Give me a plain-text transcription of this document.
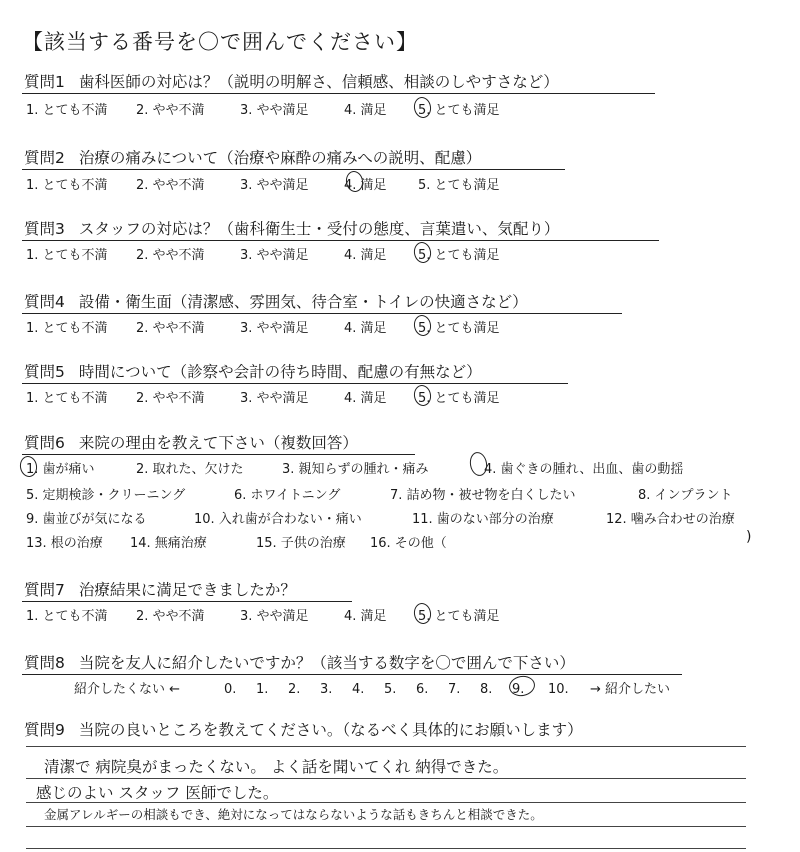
【該当する番号を〇で囲んでください】
質問1 歯科医師の対応は？（説明の明解さ、信頼感、相談のしやすさなど）
1. とても不満 2. やや不満	3. やや満足	4. 満足 5. とても満足
質問2 治療の痛みについて（治療や麻酔の痛みへの説明、配慮）
1. とても不満 2. やや不満	3. やや満足	4. 満足 5. とても満足
質問3 スタッフの対応は？（歯科衛生士・受付の態度、言葉遣い、気配り）
1. とても不満 2. やや不満	3. やや満足	4. 満足 5. とても満足
質問4 設備・衛生面（清潔感、雰囲気、待合室・トイレの快適さなど）
1. とても不満 2. やや不満	3. やや満足	4. 満足 5. とても満足
質問5 時間について（診察や会計の待ち時間、配慮の有無など）
1. とても不満 2. やや不満	3. やや満足	4. 満足 5. とても満足
質問6 来院の理由を教えて下さい（複数回答）
1. 歯が痛い	2. 取れた、欠けた	3. 親知らずの腫れ・痛み	4. 歯ぐきの腫れ、出血、歯の動揺
5. 定期検診・クリーニング	6. ホワイトニング	7. 詰め物・被せ物を白くしたい	8. インプラント
9. 歯並びが気になる	10. 入れ歯が合わない・痛い	11. 歯のない部分の治療	12. 噛み合わせの治療
13. 根の治療 14. 無痛治療	15. 子供の治療 16. その他（	)
質問7 治療結果に満足できましたか？
1. とても不満 2. やや不満	3. やや満足	4. 満足 5. とても満足
質問8 当院を友人に紹介したいですか？（該当する数字を〇で囲んで下さい）
紹介したくない ←	0. 1. 2. 3. 4. 5. 6. 7. 8. 9. 10. → 紹介したい
質問9 当院の良いところを教えてください。（なるべく具体的にお願いします）
清潔で 病院臭がまったくない。 よく話を聞いてくれ 納得できた。
感じのよい スタッフ 医師でした。
金属アレルギーの相談もでき、絶対になってはならないような話もきちんと相談できた。
